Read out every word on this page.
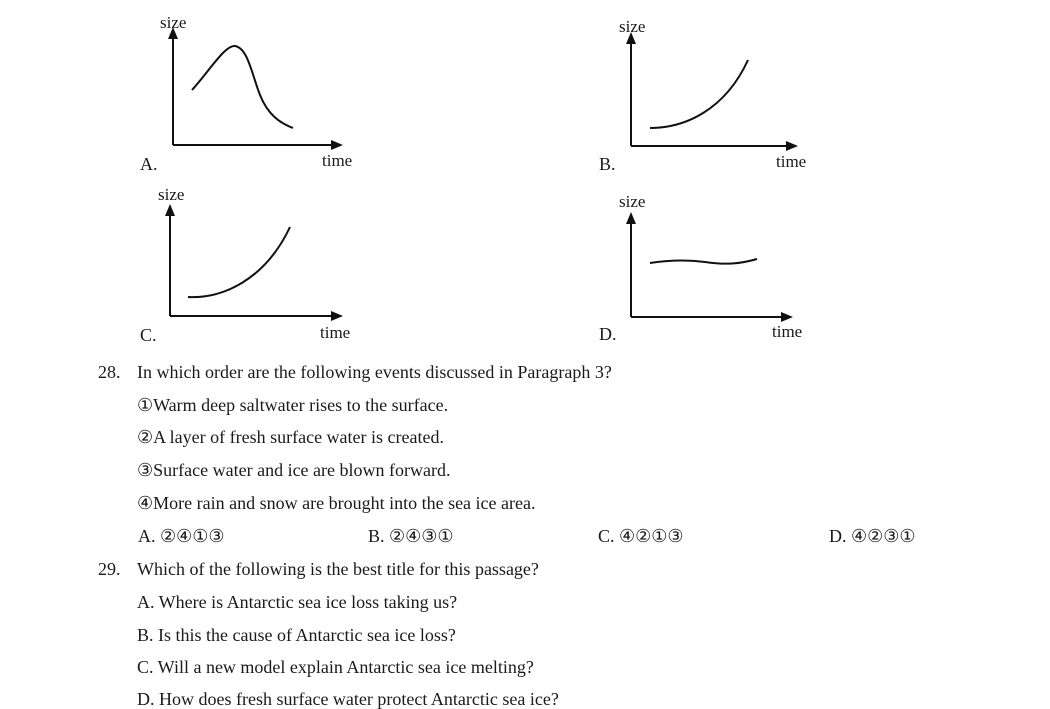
size
time
A.
size
time
B.
size
time
C.
size
time
D.
28. In which order are the following events discussed in Paragraph 3?
①Warm deep saltwater rises to the surface.
②A layer of fresh surface water is created.
③Surface water and ice are blown forward.
④More rain and snow are brought into the sea ice area.
A. ②④①③	B. ②④③①	C. ④②①③	D. ④②③①
29. Which of the following is the best title for this passage?
A. Where is Antarctic sea ice loss taking us?
B. Is this the cause of Antarctic sea ice loss?
C. Will a new model explain Antarctic sea ice melting?
D. How does fresh surface water protect Antarctic sea ice?
